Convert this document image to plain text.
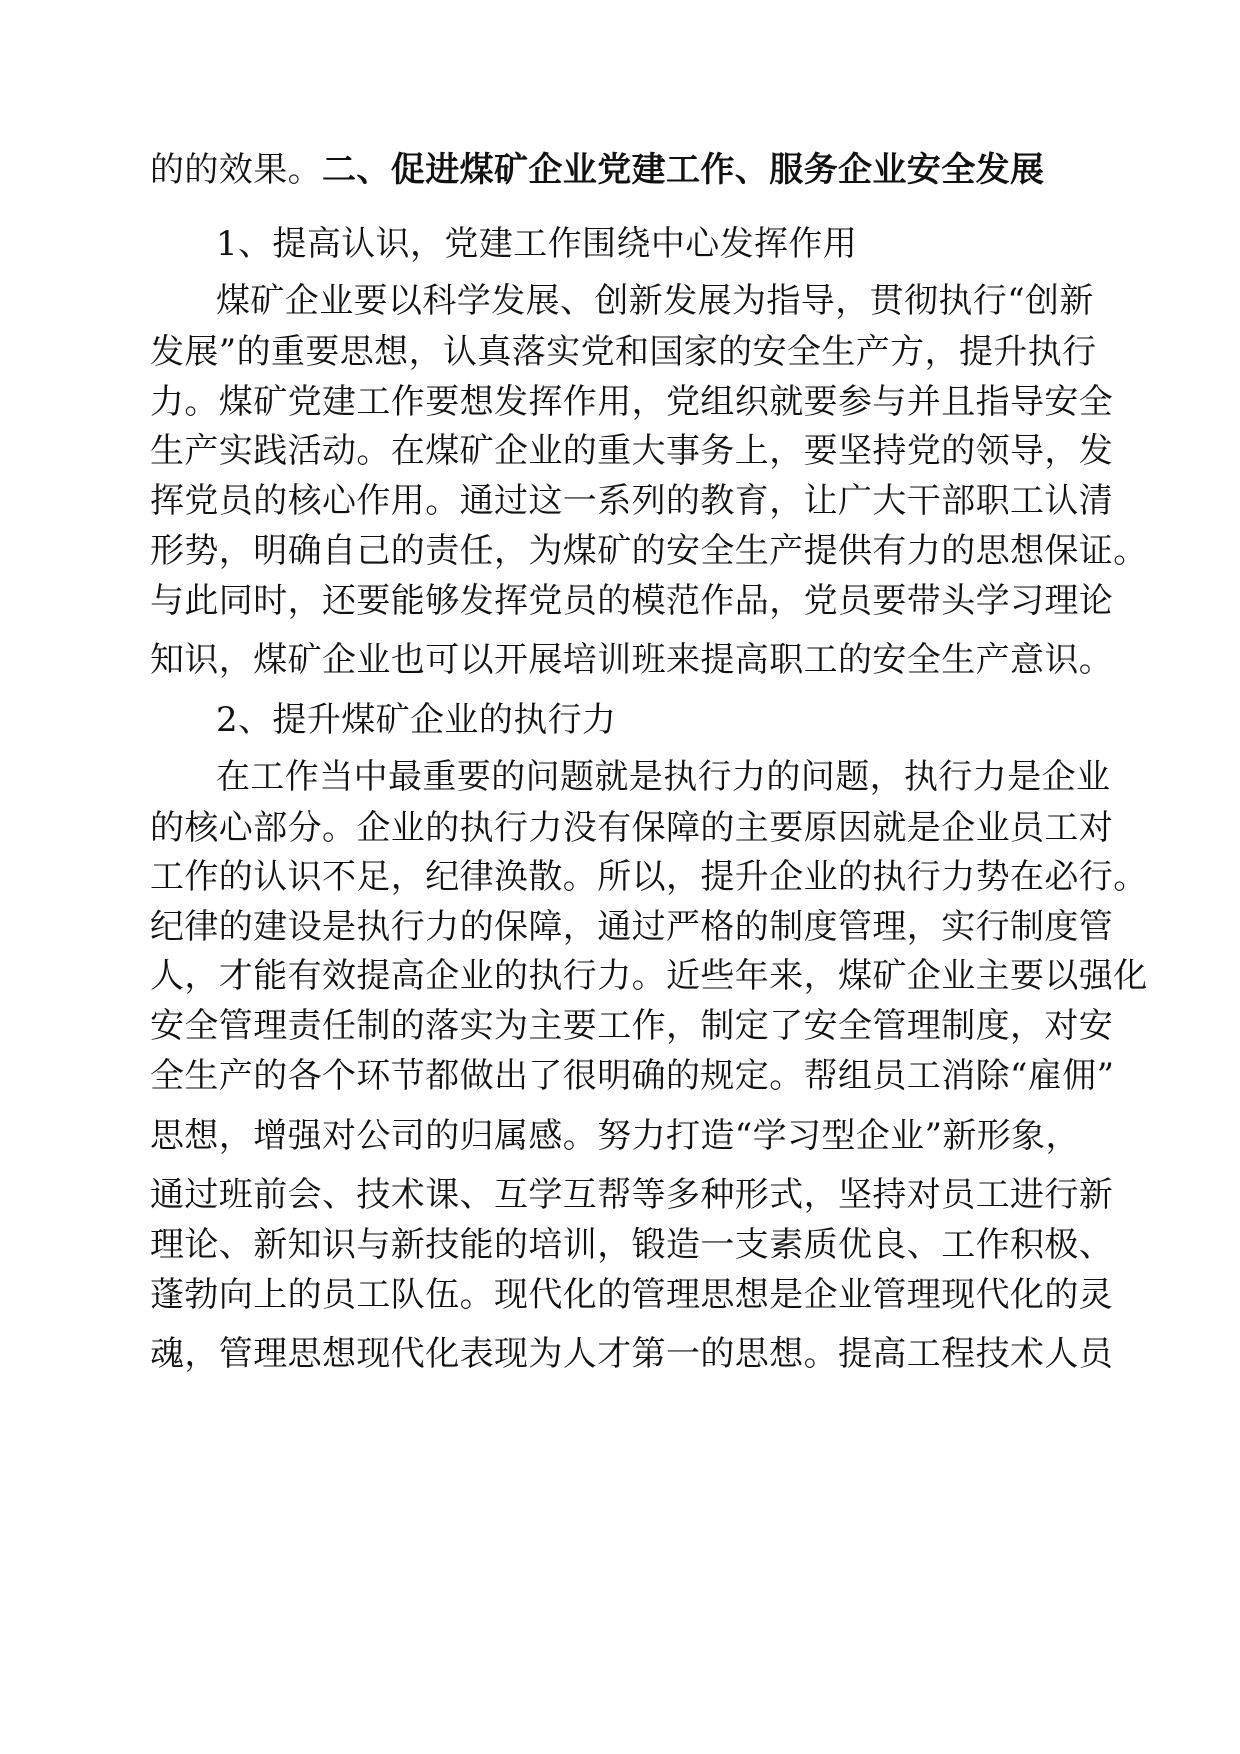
的的效果。二、促进煤矿企业党建工作、服务企业安全发展
1、提高认识，党建工作围绕中心发挥作用
煤矿企业要以科学发展、创新发展为指导，贯彻执行“创新
发展”的重要思想，认真落实党和国家的安全生产方，提升执行
力。煤矿党建工作要想发挥作用，党组织就要参与并且指导安全
生产实践活动。在煤矿企业的重大事务上，要坚持党的领导，发
挥党员的核心作用。通过这一系列的教育，让广大干部职工认清
形势，明确自己的责任，为煤矿的安全生产提供有力的思想保证。
与此同时，还要能够发挥党员的模范作品，党员要带头学习理论
知识，煤矿企业也可以开展培训班来提高职工的安全生产意识。
2、提升煤矿企业的执行力
在工作当中最重要的问题就是执行力的问题，执行力是企业
的核心部分。企业的执行力没有保障的主要原因就是企业员工对
工作的认识不足，纪律涣散。所以，提升企业的执行力势在必行。
纪律的建设是执行力的保障，通过严格的制度管理，实行制度管
人，才能有效提高企业的执行力。近些年来，煤矿企业主要以强化
安全管理责任制的落实为主要工作，制定了安全管理制度，对安
全生产的各个环节都做出了很明确的规定。帮组员工消除“雇佣”
思想，增强对公司的归属感。努力打造“学习型企业”新形象，
通过班前会、技术课、互学互帮等多种形式，坚持对员工进行新
理论、新知识与新技能的培训，锻造一支素质优良、工作积极、
蓬勃向上的员工队伍。现代化的管理思想是企业管理现代化的灵
魂，管理思想现代化表现为人才第一的思想。提高工程技术人员
